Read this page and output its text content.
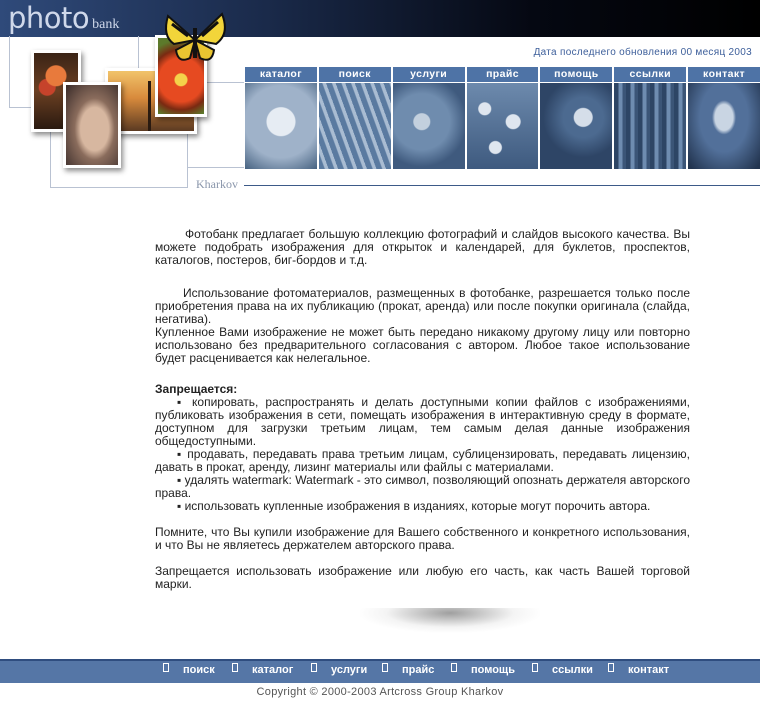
photo bank
Дата последнего обновления 00 месяц 2003
каталог	поиск	услуги	прайс	помощь	ссылки	контакт
Kharkov

Фотобанк предлагает большую коллекцию фотографий и слайдов высокого качества. Вы можете подобрать изображения для открыток и календарей, для буклетов, проспектов, каталогов, постеров, биг-бордов и т.д.

Использование фотоматериалов, размещенных в фотобанке, разрешается только после приобретения права на их публикацию (прокат, аренда) или после покупки оригинала (слайда, негатива).

Купленное Вами изображение не может быть передано никакому другому лицу или повторно использовано без предварительного согласования с автором. Любое такое использование будет расценивается как нелегальное.

Запрещается:

▪ копировать, распространять и делать доступными копии файлов с изображениями, публиковать изображения в сети, помещать изображения в интерактивную среду в формате, доступном для загрузки третьим лицам, тем самым делая данные изображения общедоступными.

▪ продавать, передавать права третьим лицам, сублицензировать, передавать лицензию, давать в прокат, аренду, лизинг материалы или файлы с материалами.

▪ удалять watermark: Watermark - это символ, позволяющий опознать держателя авторского права.

▪ использовать купленные изображения в изданиях, которые могут порочить автора.

Помните, что Вы купили изображение для Вашего собственного и конкретного использования, и что Вы не являетесь держателем авторского права.

Запрещается использовать изображение или любую его часть, как часть Вашей торговой марки.

поиск	каталог	услуги	прайс	помощь	ссылки	контакт
Copyright © 2000-2003 Artcross Group Kharkov
